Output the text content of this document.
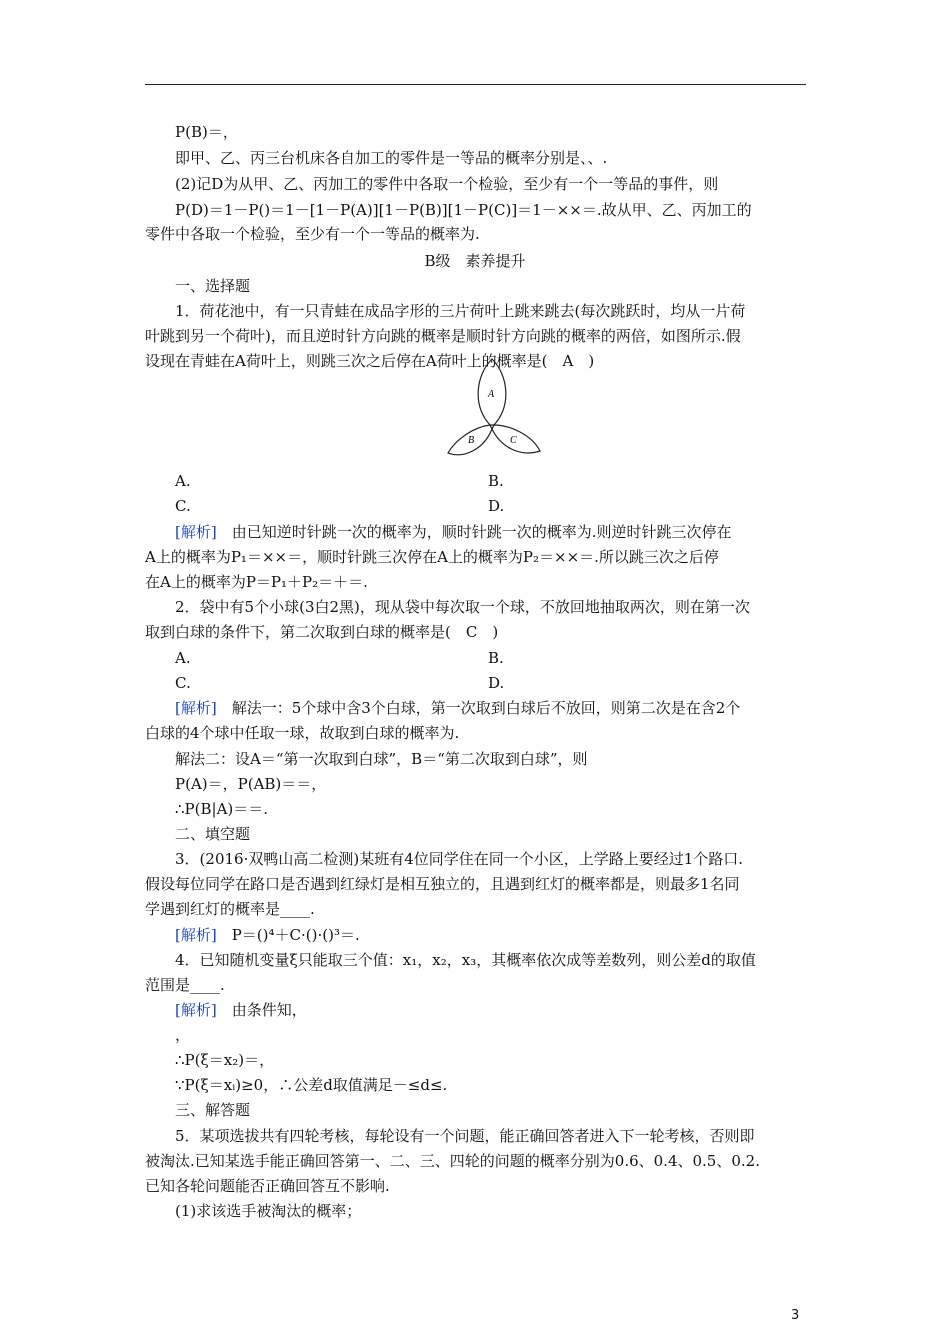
P(B)＝，
即甲、乙、丙三台机床各自加工的零件是一等品的概率分别是、、.
(2)记D为从甲、乙、丙加工的零件中各取一个检验，至少有一个一等品的事件，则
P(D)＝1－P()＝1－[1－P(A)][1－P(B)][1－P(C)]＝1－××＝.故从甲、乙、丙加工的
零件中各取一个检验，至少有一个一等品的概率为.
B级　素养提升
一、选择题
1．荷花池中，有一只青蛙在成品字形的三片荷叶上跳来跳去(每次跳跃时，均从一片荷
叶跳到另一个荷叶)，而且逆时针方向跳的概率是顺时针方向跳的概率的两倍，如图所示.假
设现在青蛙在A荷叶上，则跳三次之后停在A荷叶上的概率是(　A　)
A
B	C
A.	B.
C.	D.
[解析]　由已知逆时针跳一次的概率为，顺时针跳一次的概率为.则逆时针跳三次停在
A上的概率为P₁＝××＝，顺时针跳三次停在A上的概率为P₂＝××＝.所以跳三次之后停
在A上的概率为P＝P₁＋P₂＝＋＝.
2．袋中有5个小球(3白2黑)，现从袋中每次取一个球，不放回地抽取两次，则在第一次
取到白球的条件下，第二次取到白球的概率是(　C　)
A.	B.
C.	D.
[解析]　解法一：5个球中含3个白球，第一次取到白球后不放回，则第二次是在含2个
白球的4个球中任取一球，故取到白球的概率为.
解法二：设A＝“第一次取到白球”，B＝“第二次取到白球”，则
P(A)＝，P(AB)＝＝，
∴P(B|A)＝＝.
二、填空题
3．(2016·双鸭山高二检测)某班有4位同学住在同一个小区，上学路上要经过1个路口.
假设每位同学在路口是否遇到红绿灯是相互独立的，且遇到红灯的概率都是，则最多1名同
学遇到红灯的概率是____.
[解析]　P＝()⁴＋C·()·()³＝.
4．已知随机变量ξ只能取三个值：x₁，x₂，x₃，其概率依次成等差数列，则公差d的取值
范围是____.
[解析]　由条件知，
，
∴P(ξ＝x₂)＝，
∵P(ξ＝xᵢ)≥0，∴公差d取值满足－≤d≤.
三、解答题
5．某项选拔共有四轮考核，每轮设有一个问题，能正确回答者进入下一轮考核，否则即
被淘汰.已知某选手能正确回答第一、二、三、四轮的问题的概率分别为0.6、0.4、0.5、0.2.
已知各轮问题能否正确回答互不影响.
(1)求该选手被淘汰的概率；
3
